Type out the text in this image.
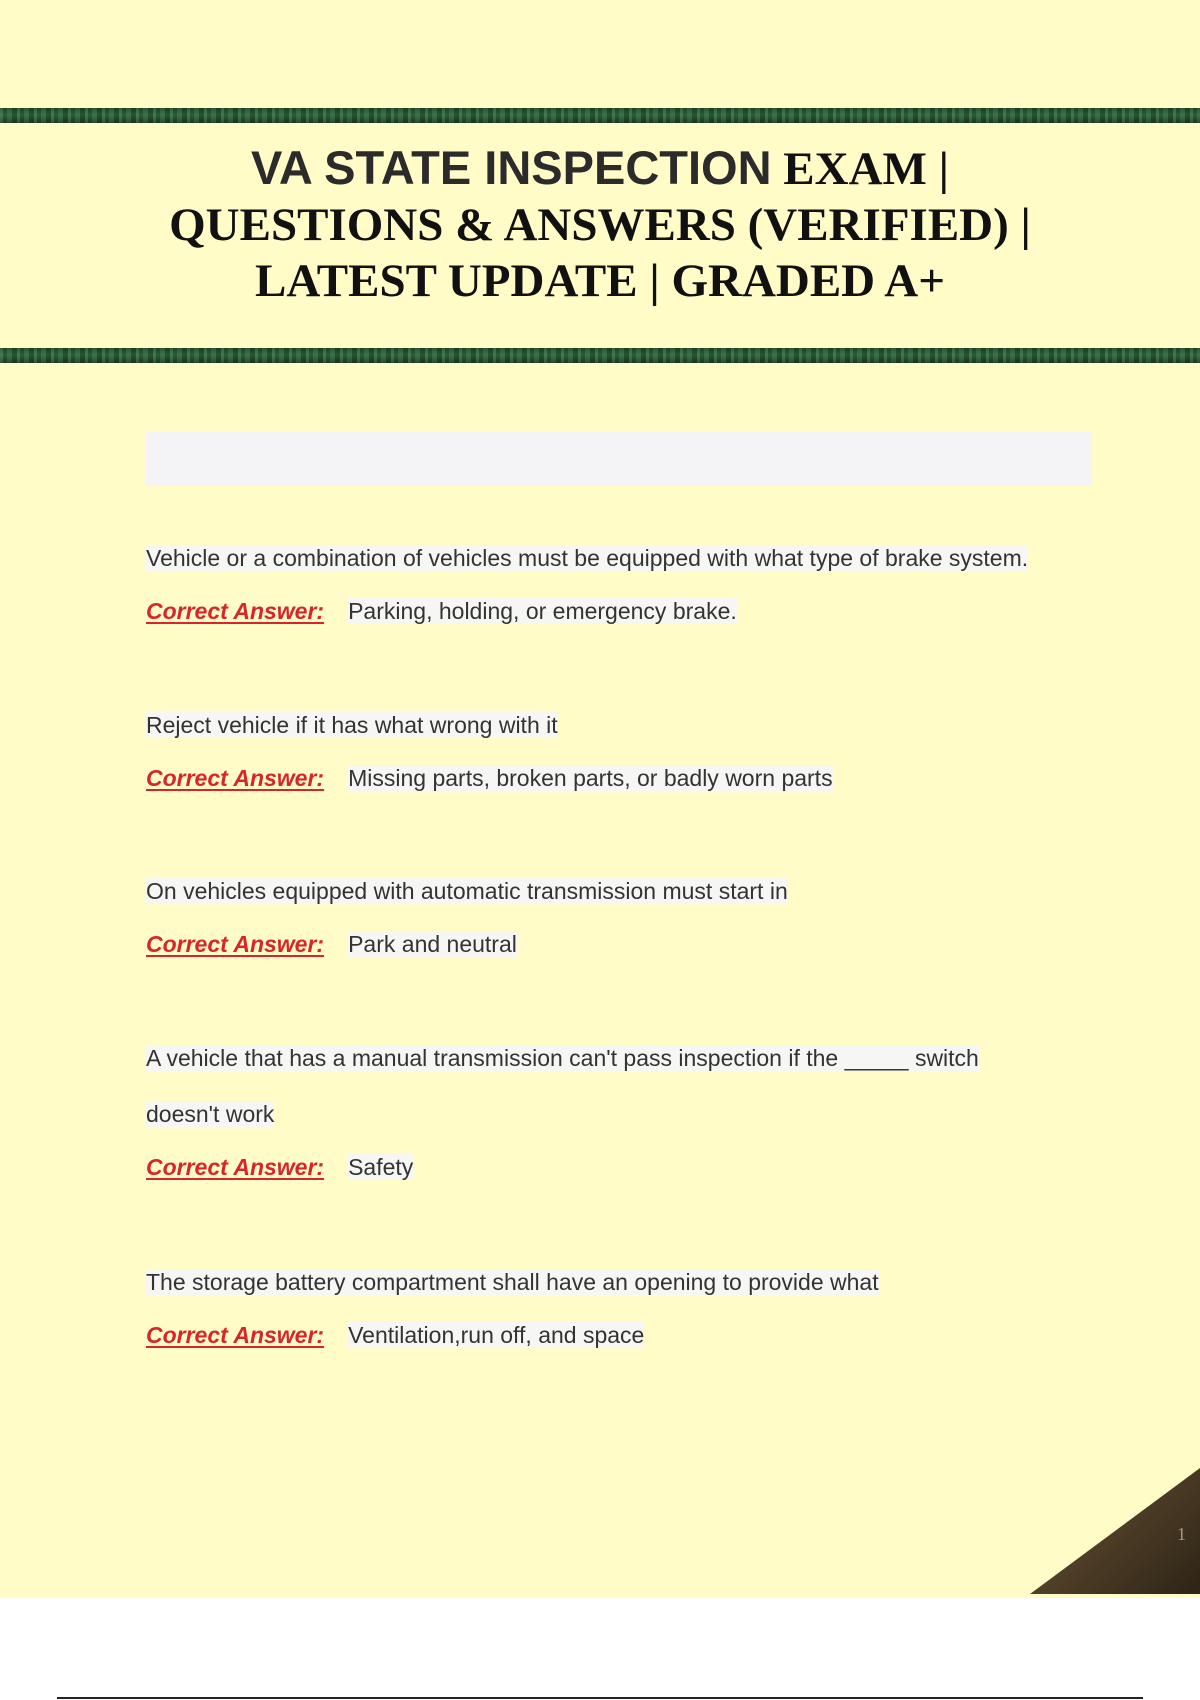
VA STATE INSPECTION EXAM |
QUESTIONS & ANSWERS (VERIFIED) |
LATEST UPDATE | GRADED A+
Vehicle or a combination of vehicles must be equipped with what type of brake system.
Correct Answer: Parking, holding, or emergency brake.
Reject vehicle if it has what wrong with it
Correct Answer: Missing parts, broken parts, or badly worn parts
On vehicles equipped with automatic transmission must start in
Correct Answer: Park and neutral
A vehicle that has a manual transmission can't pass inspection if the _____ switch
doesn't work
Correct Answer: Safety
The storage battery compartment shall have an opening to provide what
Correct Answer: Ventilation,run off, and space
1
